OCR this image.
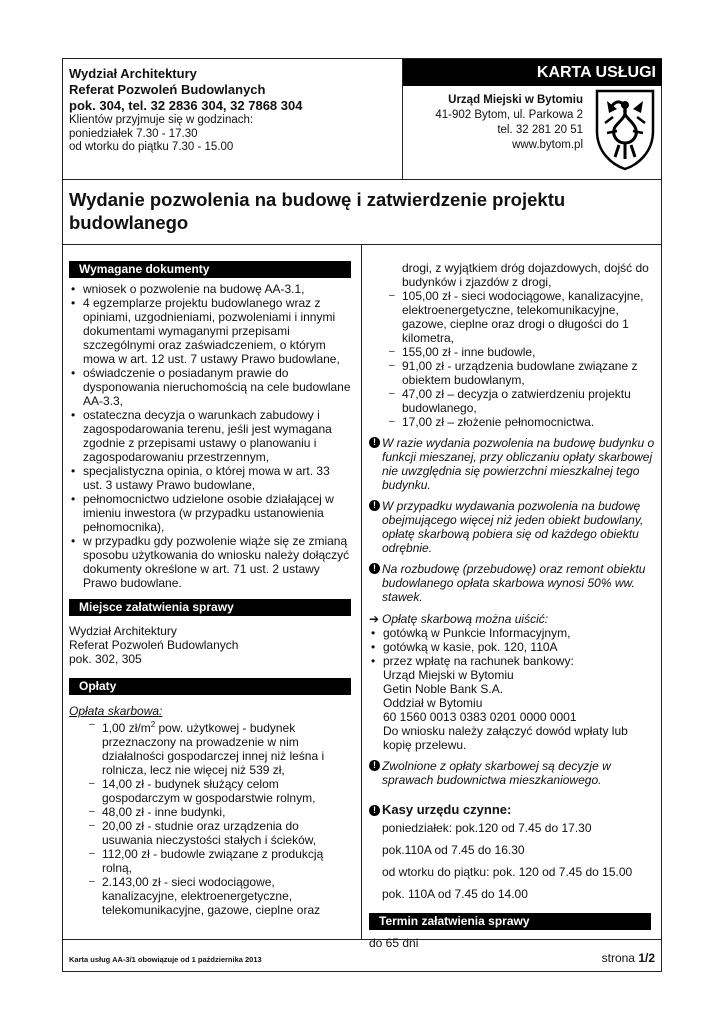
Wydział Architektury
Referat Pozwoleń Budowlanych
pok. 304, tel. 32 2836 304, 32 7868 304
Klientów przyjmuje się w godzinach:
poniedziałek 7.30 - 17.30
od wtorku do piątku 7.30 - 15.00
KARTA USŁUGI
Urząd Miejski w Bytomiu
41-902 Bytom, ul. Parkowa 2
tel. 32 281 20 51
www.bytom.pl
Wydanie pozwolenia na budowę i zatwierdzenie projektu budowlanego
Wymagane dokumenty
• wniosek o pozwolenie na budowę AA-3.1,
• 4 egzemplarze projektu budowlanego wraz z opiniami, uzgodnieniami, pozwoleniami i innymi dokumentami wymaganymi przepisami szczególnymi oraz zaświadczeniem, o którym mowa w art. 12 ust. 7 ustawy Prawo budowlane,
• oświadczenie o posiadanym prawie do dysponowania nieruchomością na cele budowlane AA-3.3,
• ostateczna decyzja o warunkach zabudowy i zagospodarowania terenu, jeśli jest wymagana zgodnie z przepisami ustawy o planowaniu i zagospodarowaniu przestrzennym,
• specjalistyczna opinia, o której mowa w art. 33 ust. 3 ustawy Prawo budowlane,
• pełnomocnictwo udzielone osobie działającej w imieniu inwestora (w przypadku ustanowienia pełnomocnika),
• w przypadku gdy pozwolenie wiąże się ze zmianą sposobu użytkowania do wniosku należy dołączyć dokumenty określone w art. 71 ust. 2 ustawy Prawo budowlane.
Miejsce załatwienia sprawy
Wydział Architektury
Referat Pozwoleń Budowlanych
pok. 302, 305
Opłaty
Opłata skarbowa:
– 1,00 $zł/m^2$ pow. użytkowej - budynek przeznaczony na prowadzenie w nim działalności gospodarczej innej niż leśna i rolnicza, lecz nie więcej niż 539 zł,
– 14,00 zł - budynek służący celom gospodarczym w gospodarstwie rolnym,
– 48,00 zł - inne budynki,
– 20,00 zł - studnie oraz urządzenia do usuwania nieczystości stałych i ścieków,
– 112,00 zł - budowle związane z produkcją rolną,
– 2.143,00 zł - sieci wodociągowe, kanalizacyjne, elektroenergetyczne, telekomunikacyjne, gazowe, cieplne oraz
drogi, z wyjątkiem dróg dojazdowych, dojść do budynków i zjazdów z drogi,
– 105,00 zł - sieci wodociągowe, kanalizacyjne, elektroenergetyczne, telekomunikacyjne, gazowe, cieplne oraz drogi o długości do 1 kilometra,
– 155,00 zł - inne budowle,
– 91,00 zł - urządzenia budowlane związane z obiektem budowlanym,
– 47,00 zł – decyzja o zatwierdzeniu projektu budowlanego,
– 17,00 zł – złożenie pełnomocnictwa.
! W razie wydania pozwolenia na budowę budynku o funkcji mieszanej, przy obliczaniu opłaty skarbowej nie uwzględnia się powierzchni mieszkalnej tego budynku.
! W przypadku wydawania pozwolenia na budowę obejmującego więcej niż jeden obiekt budowlany, opłatę skarbową pobiera się od każdego obiektu odrębnie.
! Na rozbudowę (przebudowę) oraz remont obiektu budowlanego opłata skarbowa wynosi 50% ww. stawek.
➔ Opłatę skarbową można uiścić:
• gotówką w Punkcie Informacyjnym,
• gotówką w kasie, pok. 120, 110A
• przez wpłatę na rachunek bankowy:
Urząd Miejski w Bytomiu
Getin Noble Bank S.A.
Oddział w Bytomiu
60 1560 0013 0383 0201 0000 0001
Do wniosku należy załączyć dowód wpłaty lub kopię przelewu.
! Zwolnione z opłaty skarbowej są decyzje w sprawach budownictwa mieszkaniowego.
! Kasy urzędu czynne:
poniedziałek: pok.120 od 7.45 do 17.30
pok.110A od 7.45 do 16.30
od wtorku do piątku: pok. 120 od 7.45 do 15.00
pok. 110A od 7.45 do 14.00
Termin załatwienia sprawy
do 65 dni
Karta usług AA-3/1 obowiązuje od 1 października 2013	strona 1/2
